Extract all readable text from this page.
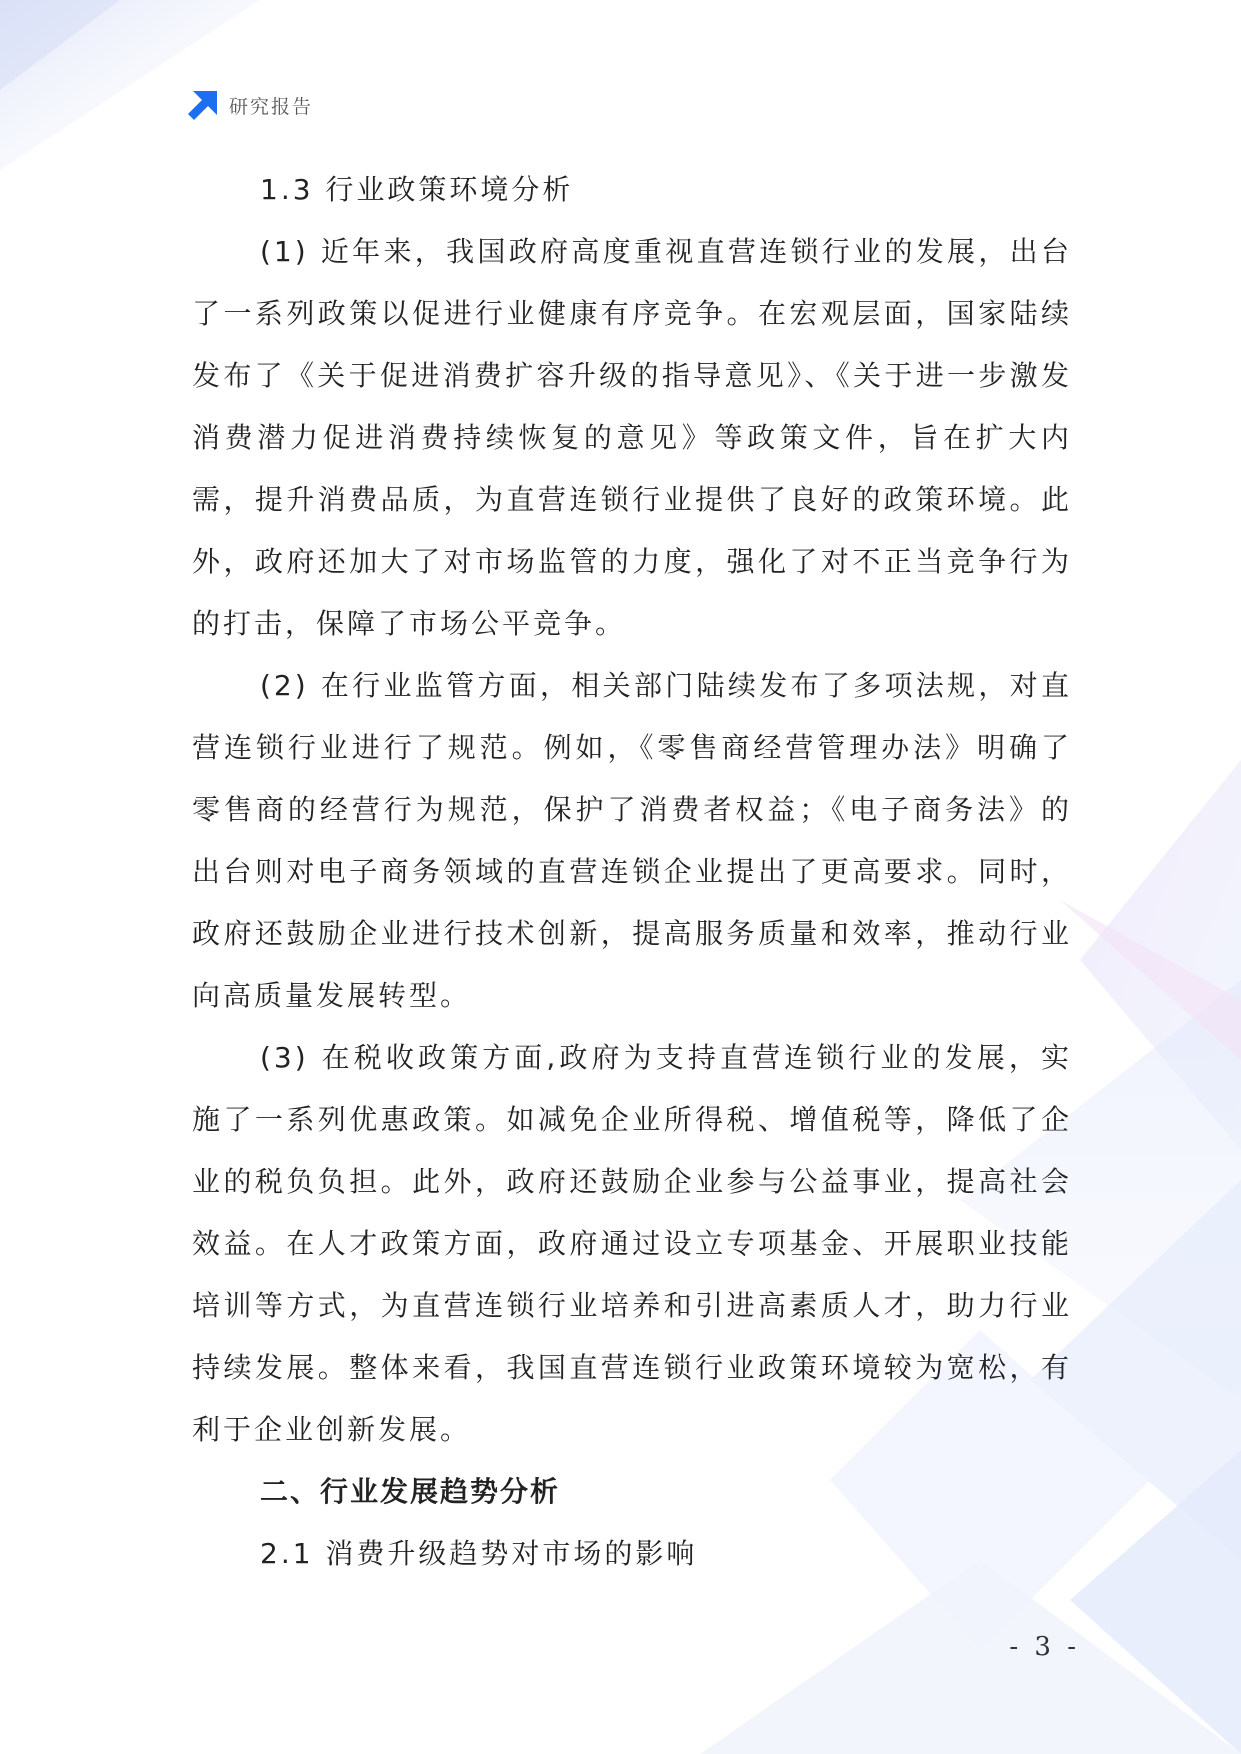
研究报告
1.3 行业政策环境分析

(1) 近年来，我国政府高度重视直营连锁行业的发展，出台了一系列政策以促进行业健康有序竞争。在宏观层面，国家陆续发布了《关于促进消费扩容升级的指导意见》、《关于进一步激发消费潜力促进消费持续恢复的意见》等政策文件，旨在扩大内需，提升消费品质，为直营连锁行业提供了良好的政策环境。此外，政府还加大了对市场监管的力度，强化了对不正当竞争行为的打击，保障了市场公平竞争。

(2) 在行业监管方面，相关部门陆续发布了多项法规，对直营连锁行业进行了规范。例如，《零售商经营管理办法》明确了零售商的经营行为规范，保护了消费者权益；《电子商务法》的出台则对电子商务领域的直营连锁企业提出了更高要求。同时，政府还鼓励企业进行技术创新，提高服务质量和效率，推动行业向高质量发展转型。

(3) 在税收政策方面,政府为支持直营连锁行业的发展，实施了一系列优惠政策。如减免企业所得税、增值税等，降低了企业的税负负担。此外，政府还鼓励企业参与公益事业，提高社会效益。在人才政策方面，政府通过设立专项基金、开展职业技能培训等方式，为直营连锁行业培养和引进高素质人才，助力行业持续发展。整体来看，我国直营连锁行业政策环境较为宽松，有利于企业创新发展。

二、行业发展趋势分析
2.1 消费升级趋势对市场的影响
- 3 -
